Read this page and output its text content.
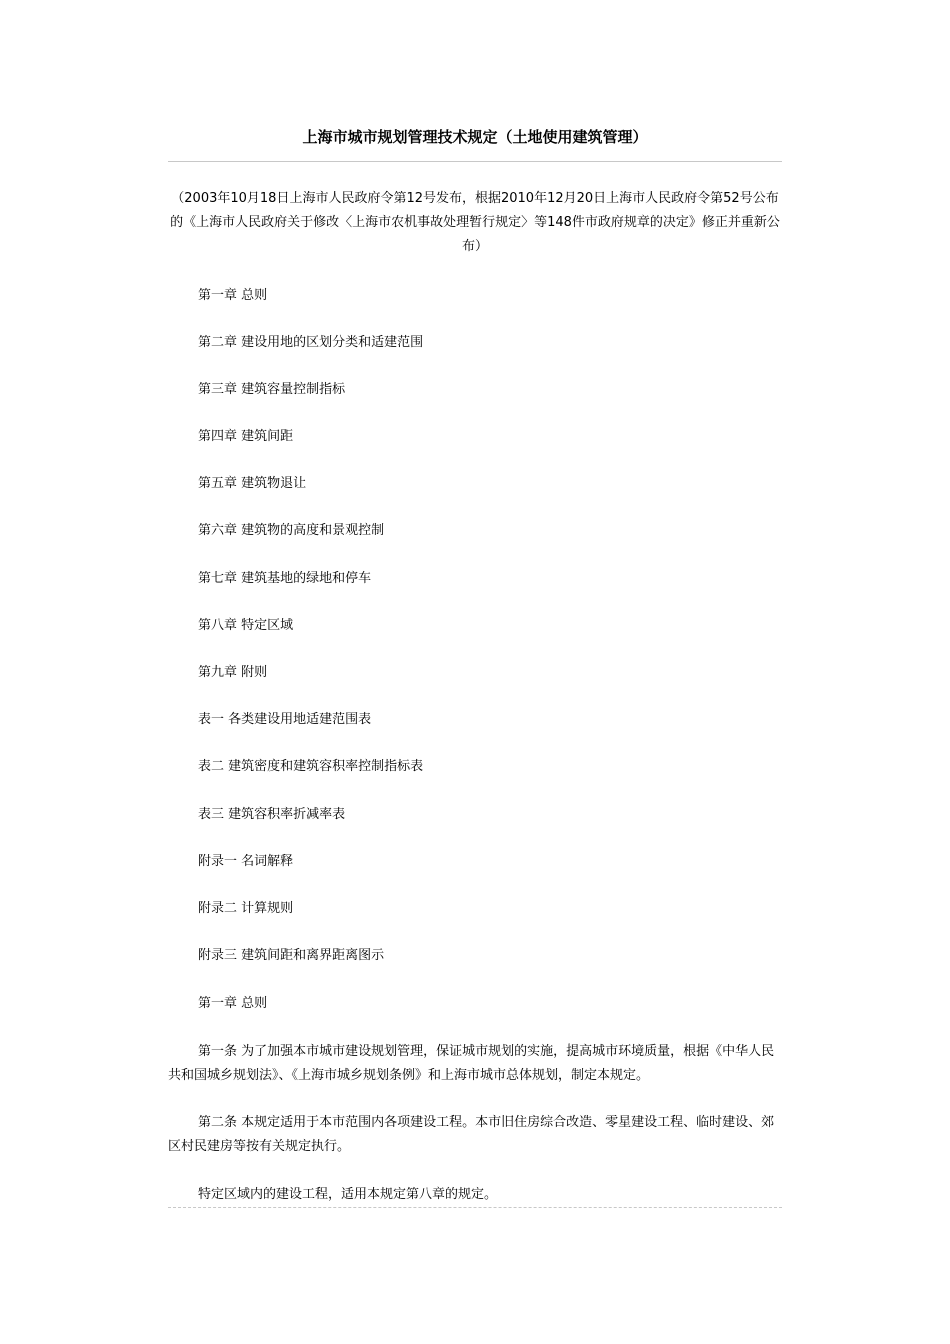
上海市城市规划管理技术规定（土地使用建筑管理）

（2003年10月18日上海市人民政府令第12号发布，根据2010年12月20日上海市人民政府令第52号公布的《上海市人民政府关于修改〈上海市农机事故处理暂行规定〉等148件市政府规章的决定》修正并重新公布）

第一章 总则

第二章 建设用地的区划分类和适建范围

第三章 建筑容量控制指标

第四章 建筑间距

第五章 建筑物退让

第六章 建筑物的高度和景观控制

第七章 建筑基地的绿地和停车

第八章 特定区域

第九章 附则

表一 各类建设用地适建范围表

表二 建筑密度和建筑容积率控制指标表

表三 建筑容积率折减率表

附录一 名词解释

附录二 计算规则

附录三 建筑间距和离界距离图示

第一章 总则

第一条 为了加强本市城市建设规划管理，保证城市规划的实施，提高城市环境质量，根据《中华人民共和国城乡规划法》、《上海市城乡规划条例》和上海市城市总体规划，制定本规定。

第二条 本规定适用于本市范围内各项建设工程。本市旧住房综合改造、零星建设工程、临时建设、郊区村民建房等按有关规定执行。

特定区域内的建设工程，适用本规定第八章的规定。
